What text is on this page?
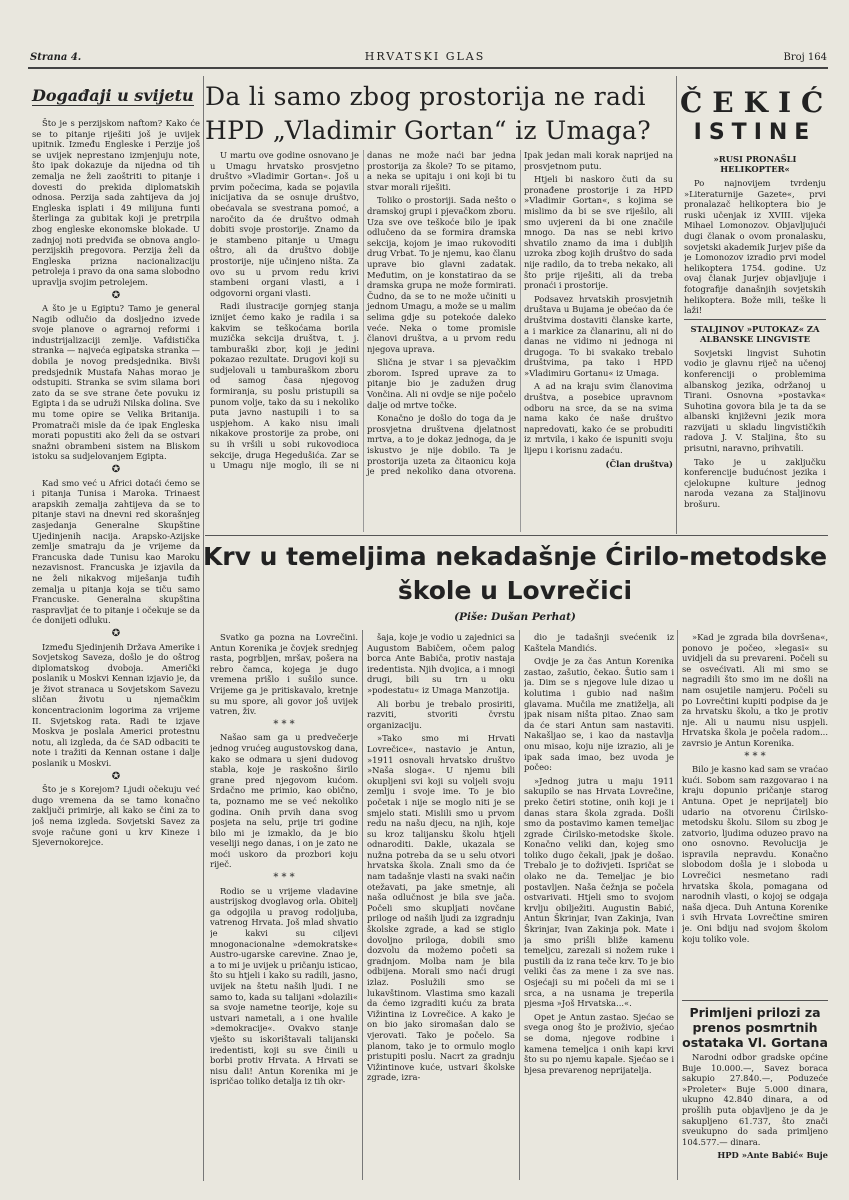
Strana 4.	HRVATSKI GLAS	Broj 164
Događaji u svijetu

Što je s perzijskom naftom? Kako će se to pitanje riješiti još je uvijek upitnik. Između Engleske i Perzije još se uvijek neprestano izmjenjuju note, što ipak dokazuje da nijedna od tih zemalja ne želi zaoštriti to pitanje i dovesti do prekida diplomatskih odnosa. Perzija sada zahtijeva da joj Engleska isplati i 49 milijuna funti šterlinga za gubitak koji je pretrpila zbog engleske ekonomske blokade. U zadnjoj noti predviđa se obnova anglo-perzijskih pregovora. Perzija želi da Engleska prizna nacionalizaciju petroleja i pravo da ona sama slobodno upravlja svojim petrolejem.

✪

A što je u Egiptu? Tamo je general Nagib odlučio da dosljedno izvede svoje planove o agrarnoj reformi i industrijalizaciji zemlje. Vafdistička stranka — najveća egipatska stranka — dobila je novog predsjednika. Bivši predsjednik Mustafa Nahas morao je odstupiti. Stranka se svim silama bori zato da se sve strane čete povuku iz Egipta i da se udruži Nilska dolina. Sve mu tome opire se Velika Britanija. Promatrači misle da će ipak Engleska morati popustiti ako želi da se ostvari snažni obrambeni sistem na Bliskom istoku sa sudjelovanjem Egipta.

✪

Kad smo već u Africi dotaći ćemo se i pitanja Tunisa i Maroka. Trinaest arapskih zemalja zahtijeva da se to pitanje stavi na dnevni red skorašnjeg zasjedanja Generalne Skupštine Ujedinjenih nacija. Arapsko-Azijske zemlje smatraju da je vrijeme da Francuska dade Tunisu kao Maroku nezavisnost. Francuska je izjavila da ne želi nikakvog miješanja tuđih zemalja u pitanja koja se tiču samo Francuske. Generalna skupština raspravljat će to pitanje i očekuje se da će donijeti odluku.

✪

Između Sjedinjenih Država Amerike i Sovjetskog Saveza, došlo je do oštrog diplomatskog dvoboja. Američki poslanik u Moskvi Kennan izjavio je, da je život stranaca u Sovjetskom Savezu sličan životu u njemačkim koncentracionim logorima za vrijeme II. Svjetskog rata. Radi te izjave Moskva je poslala Americi protestnu notu, ali izgleda, da će SAD odbaciti te note i tražiti da Kennan ostane i dalje poslanik u Moskvi.

✪

Što je s Korejom? Ljudi očekuju već dugo vremena da se tamo konačno zaključi primirje, ali kako se čini za to još nema izgleda. Sovjetski Savez za svoje račune goni u krv Kineze i Sjevernokorejce.

Da li samo zbog prostorija ne radi
HPD „Vladimir Gortan“ iz Umaga?

U martu ove godine osnovano je u Umagu hrvatsko prosvjetno društvo »Vladimir Gortan«. Još u prvim počecima, kada se pojavila inicijativa da se osnuje društvo, obećavala se svestrana pomoć, a naročito da će društvo odmah dobiti svoje prostorije. Znamo da je stambeno pitanje u Umagu oštro, ali da društvo dobije prostorije, nije učinjeno ništa. Za ovo su u prvom redu krivi stambeni organi vlasti, a i odgovorni organi vlasti.

Radi ilustracije gornjeg stanja iznijet ćemo kako je radila i sa kakvim se teškoćama borila muzička sekcija društva, t. j. tamburaški zbor, koji je jedini pokazao rezultate. Drugovi koji su sudjelovali u tamburaškom zboru od samog časa njegovog formiranja, su poslu pristupili sa punom volje, tako da su i nekoliko puta javno nastupili i to sa uspjehom. A kako nisu imali nikakove prostorije za probe, oni su ih vršili u sobi rukovodioca sekcije, druga Hegedušića. Zar se u Umagu nije moglo, ili se ni danas ne može naći bar jedna prostorija za škole? To se pitamo, a neka se upitaju i oni koji bi tu stvar morali riješiti.

Toliko o prostoriji. Sada nešto o dramskoj grupi i pjevačkom zboru. Uza sve ove teškoće bilo je ipak odlučeno da se formira dramska sekcija, kojom je imao rukovoditi drug Vrbat. To je njemu, kao članu uprave bio glavni zadatak. Međutim, on je konstatirao da se dramska grupa ne može formirati. Čudno, da se to ne može učiniti u jednom Umagu, a može se u malim selima gdje su potekoće daleko veće. Neka o tome promisle članovi društva, a u prvom redu njegova uprava.

Slična je stvar i sa pjevačkim zborom. Ispred uprave za to pitanje bio je zadužen drug Vončina. Ali ni ovdje se nije počelo dalje od mrtve točke.

Konačno je došlo do toga da je prosvjetna društvena djelatnost mrtva, a to je dokaz jednoga, da je iskustvo je nije dobilo. Ta je prostorija uzeta za čitaonicu koja je pred nekoliko dana otvorena. Ipak jedan mali korak naprijed na prosvjetnom putu.

Htjeli bi naskoro čuti da su pronađene prostorije i za HPD »Vladimir Gortan«, s kojima se mislimo da bi se sve riješilo, ali smo uvjereni da bi one značile mnogo. Da nas se nebi krivo shvatilo znamo da ima i dubljih uzroka zbog kojih društvo do sada nije radilo, da to treba nekako, ali što prije riješiti, ali da treba pronaći i prostorije.

Podsavez hrvatskih prosvjetnih društava u Bujama je obećao da će društvima dostaviti članske karte, a i markice za članarinu, ali ni do danas ne vidimo ni jednoga ni drugoga. To bi svakako trebalo društvima, pa tako i HPD »Vladimiru Gortanu« iz Umaga.

A ad na kraju svim članovima društva, a posebice upravnom odboru na srce, da se na svima nama kako će naše društvo napredovati, kako će se probuditi iz mrtvila, i kako će ispuniti svoju lijepu i korisnu zadaću.

(Član društva)
ČEKIĆ
ISTINE
»RUSI PRONAŠLI HELIKOPTER«

Po najnovijem tvrdenju »Literaturnije Gazete«, prvi pronalazač helikoptera bio je ruski učenjak iz XVIII. vijeka Mihael Lomonozov. Objavljujući dugi članak o ovom pronalasku, sovjetski akademik Jurjev piše da je Lomonozov izradio prvi model helikoptera 1754. godine. Uz ovaj članak Jurjev objavljuje i fotografije današnjih sovjetskih helikoptera. Bože mili, teške li laži!

STALJINOV »PUTOKAZ« ZA ALBANSKE LINGVISTE

Sovjetski lingvist Suhotin vodio je glavnu riječ na učenoj konferenciji o problemima albanskog jezika, održanoj u Tirani. Osnovna »postavka« Suhotina govora bila je ta da se albanski književni jezik mora razvijati u skladu lingvističkih radova J. V. Staljina, što su prisutni, naravno, prihvatili.

Tako je u zaključku konferencije budućnost jezika i cjelokupne kulture jednog naroda vezana za Staljinovu brošuru.

Krv u temeljima nekadašnje Ćirilo-metodske
škole u Lovrečici
(Piše: Dušan Perhat)

Svatko ga pozna na Lovrečini. Antun Korenika je čovjek srednjeg rasta, pogrbljen, mršav, pošera na rebro čamca, kojega je dugo vremena prišlo i sušilo sunce. Vrijeme ga je pritiskavalo, kretnje su mu spore, ali govor još uvijek vatren, živ.

* * *

Našao sam ga u predvečerje jednog vrućeg augustovskog dana, kako se odmara u sjeni dudovog stabla, koje je raskošno širilo grane pred njegovom kućom. Srdačno me primio, kao obično, ta, poznamo me se već nekoliko godina. Onih prvih dana svog posjeta na selu, prije tri godine bilo mi je izmaklo, da je bio veseliji nego danas, i on je zato ne moći uskoro da prozbori koju riječ.

* * *

Rodio se u vrijeme vladavine austrijskog dvoglavog orla. Obitelj ga odgojila u pravog rodoljuba, vatrenog Hrvata. Još mlad shvatio je kakvi su ciljevi mnogonacionalne »demokratske« Austro-ugarske carevine. Znao je, a to mi je uvijek u pričanju isticao, što su htjeli i kako su radili, jasno, uvijek na štetu naših ljudi. I ne samo to, kada su talijani »dolazili« sa svoje nametne teorije, koje su ustvari nametali, a i one hvalile »demokracije«. Ovakvo stanje vješto su iskorištavali talijanski iredentisti, koji su sve činili u borbi protiv Hrvata. A Hrvati se nisu dali! Antun Korenika mi je ispričao toliko detalja iz tih okr-

šaja, koje je vodio u zajednici sa Augustom Babičem, očem palog borca Ante Babiča, protiv nastaja iredentista. Njih dvojica, a i mnogi drugi, bili su trn u oku »podestatu« iz Umaga Manzotija.

Ali borbu je trebalo prosiriti, razviti, stvoriti čvrstu organizaciju.

»Tako smo mi Hrvati Lovrečice«, nastavio je Antun, »1911 osnovali hrvatsko društvo »Naša sloga«. U njemu bili okupljeni svi koji su voljeli svoju zemlju i svoje ime. To je bio početak i nije se moglo niti je se smjelo stati. Mislili smo u prvom redu na našu djecu, na njih, koje su kroz talijansku školu htjeli odnaroditi. Dakle, ukazala se nužna potreba da se u selu otvori hrvatska škola. Znali smo da će nam tadašnje vlasti na svaki način otežavati, pa jake smetnje, ali naša odlučnost je bila sve jača. Počeli smo skupljati novčane priloge od naših ljudi za izgradnju školske zgrade, a kad se stiglo dovoljno priloga, dobili smo dozvolu da možemo početi sa gradnjom. Molba nam je bila odbijena. Morali smo naći drugi izlaz. Poslužili smo se lukavštinom. Vlastima smo kazali da ćemo izgraditi kuću za brata Vižintina iz Lovrečice. A kako je on bio jako siromašan dalo se vjerovati. Tako je počelo. Sa planom, tako je to ormulo moglo pristupiti poslu. Nacrt za gradnju Vižintinove kuće, ustvari školske zgrade, izra-

dio je tadašnji svećenik iz Kaštela Mandićs.

Ovdje je za čas Antun Korenika zastao, zašutio, čekao. Šutio sam i ja. Dim se s njegove lule dizao u kolutima i gubio nad našim glavama. Mučila me znatiželja, ali jpak nisam ništa pitao. Znao sam da će stari Antun sam nastaviti. Nakašljao se, i kao da nastavlja onu misao, koju nije izrazio, ali je ipak sada imao, bez uvoda je počeo:

»Jednog jutra u maju 1911 sakupilo se nas Hrvata Lovrečine, preko četiri stotine, onih koji je i danas stara škola zgrada. Došli smo da postavimo kamen temeljac zgrade Ćirilsko-metodske škole. Konačno veliki dan, kojeg smo toliko dugo čekali, jpak je došao. Trebalo je to doživjeti. Ispričat se olako ne da. Temeljac je bio postavljen. Naša čežnja se počela ostvarivati. Htjeli smo to svojom krvlju obilježiti. Augustin Babić, Antun Škrinjar, Ivan Zakinja, Ivan Škrinjar, Ivan Zakinja pok. Mate i ja smo prišli bliže kamenu temeljcu, zarezali si nožem ruke i pustili da iz rana teče krv. To je bio veliki čas za mene i za sve nas. Osjećaji su mi počeli da mi se i srca, a na usnama je treperila pjesma »Još Hrvatska...«.

Opet je Antun zastao. Sjećao se svega onog što je proživio, sjećao se doma, njegove rodbine i kamena temeljca i onih kapi krvi što su po njemu kapale. Sjećao se i bjesa prevarenog neprijatelja.

»Kad je zgrada bila dovršena«, ponovo je počeo, »legasi« su uvidjeli da su prevareni. Počeli su se osvećivati. Ali mi smo se nagradili što smo im ne došli na nam osujetile namjeru. Počeli su po Lovrečtini kupiti podpise da je za hrvatsku školu, a tko je protiv nje. Ali u naumu nisu uspjeli. Hrvatska škola je počela radom... zavrsio je Antun Korenika.

* * *

Bilo je kasno kad sam se vraćao kući. Sobom sam razgovarao i na kraju dopunio pričanje starog Antuna. Opet je neprijatelj bio udario na otvorenu Ćirilsko-metodsku školu. Silom su zbog je zatvorio, ljudima oduzeo pravo na ono osnovno. Revolucija je ispravila nepravdu. Konačno slobodom došla je i sloboda u Lovrečici nesmetano radi hrvatska škola, pomagana od narodnih vlasti, o kojoj se odgaja naša djeca. Duh Antuna Korenike i svih Hrvata Lovrečtine smiren je. Oni bdiju nad svojom školom koju toliko vole.

Primljeni prilozi za prenos posmrtnih ostataka Vl. Gortana

Narodni odbor gradske općine Buje 10.000.—, Savez boraca sakupio 27.840.—, Poduzeće »Proleter« Buje 5.000 dinara, ukupno 42.840 dinara, a od prošlih puta objavljeno je da je sakupljeno 61.737, što znači sveukupno do sada primljeno 104.577.— dinara.

HPD »Ante Babić« Buje
